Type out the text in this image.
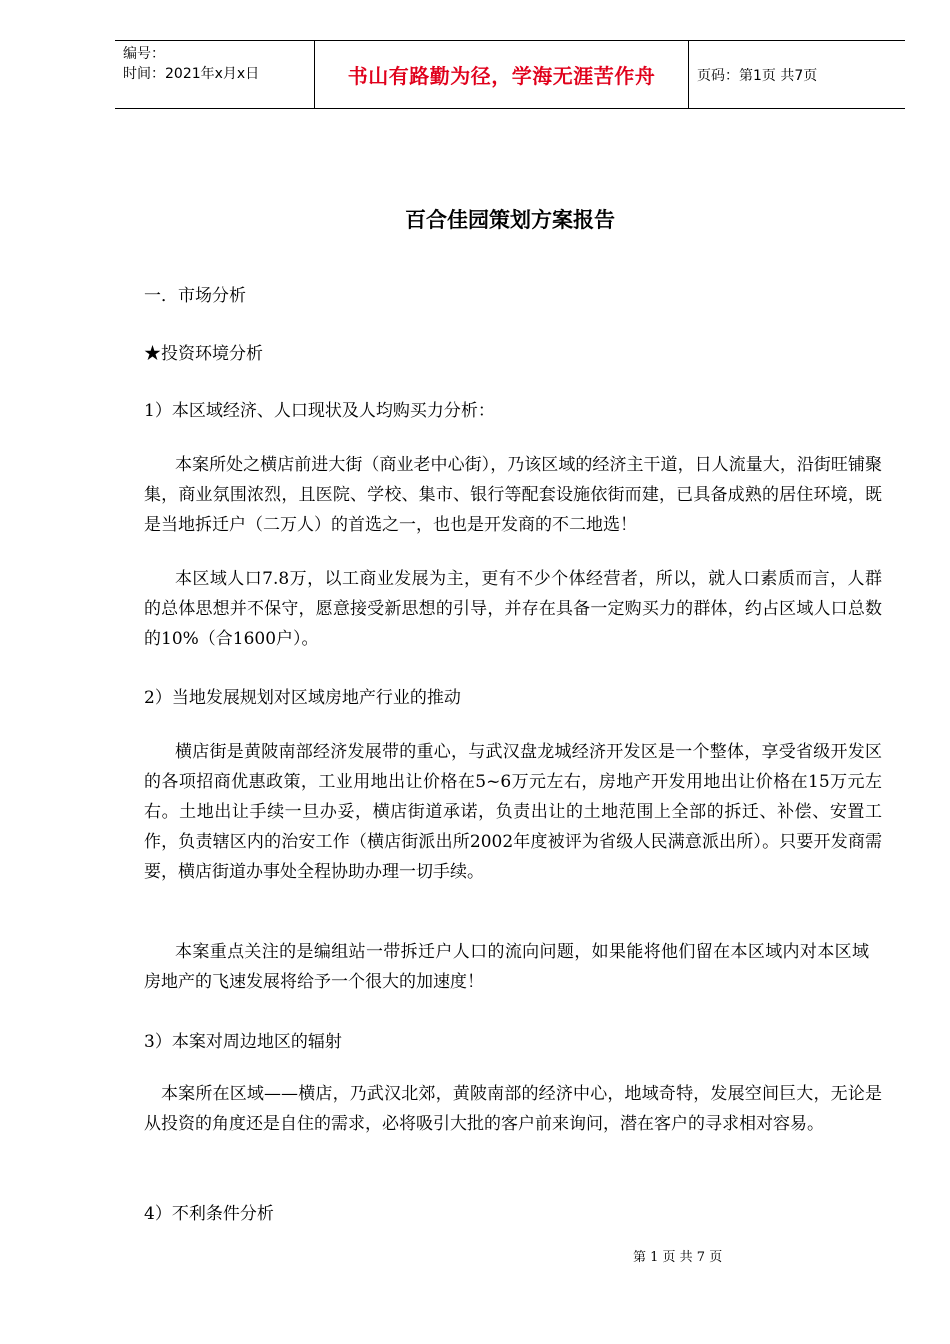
编号：
时间：2021年x月x日	书山有路勤为径，学海无涯苦作舟	页码：第1页 共7页
百合佳园策划方案报告
一．市场分析
★投资环境分析
1）本区域经济、人口现状及人均购买力分析：
本案所处之横店前进大街（商业老中心街），乃该区域的经济主干道，日人流量大，沿街旺铺聚集，商业氛围浓烈，且医院、学校、集市、银行等配套设施依街而建，已具备成熟的居住环境，既是当地拆迁户（二万人）的首选之一，也也是开发商的不二地选！
本区域人口7.8万，以工商业发展为主，更有不少个体经营者，所以，就人口素质而言，人群的总体思想并不保守，愿意接受新思想的引导，并存在具备一定购买力的群体，约占区域人口总数的10%（合1600户）。
2）当地发展规划对区域房地产行业的推动
横店街是黄陂南部经济发展带的重心，与武汉盘龙城经济开发区是一个整体，享受省级开发区的各项招商优惠政策，工业用地出让价格在5~6万元左右，房地产开发用地出让价格在15万元左右。土地出让手续一旦办妥，横店街道承诺，负责出让的土地范围上全部的拆迁、补偿、安置工作，负责辖区内的治安工作（横店街派出所2002年度被评为省级人民满意派出所）。只要开发商需要，横店街道办事处全程协助办理一切手续。
本案重点关注的是编组站一带拆迁户人口的流向问题，如果能将他们留在本区域内对本区域房地产的飞速发展将给予一个很大的加速度！
3）本案对周边地区的辐射
本案所在区域——横店，乃武汉北郊，黄陂南部的经济中心，地域奇特，发展空间巨大，无论是从投资的角度还是自住的需求，必将吸引大批的客户前来询问，潜在客户的寻求相对容易。
4）不利条件分析
第 1 页 共 7 页
